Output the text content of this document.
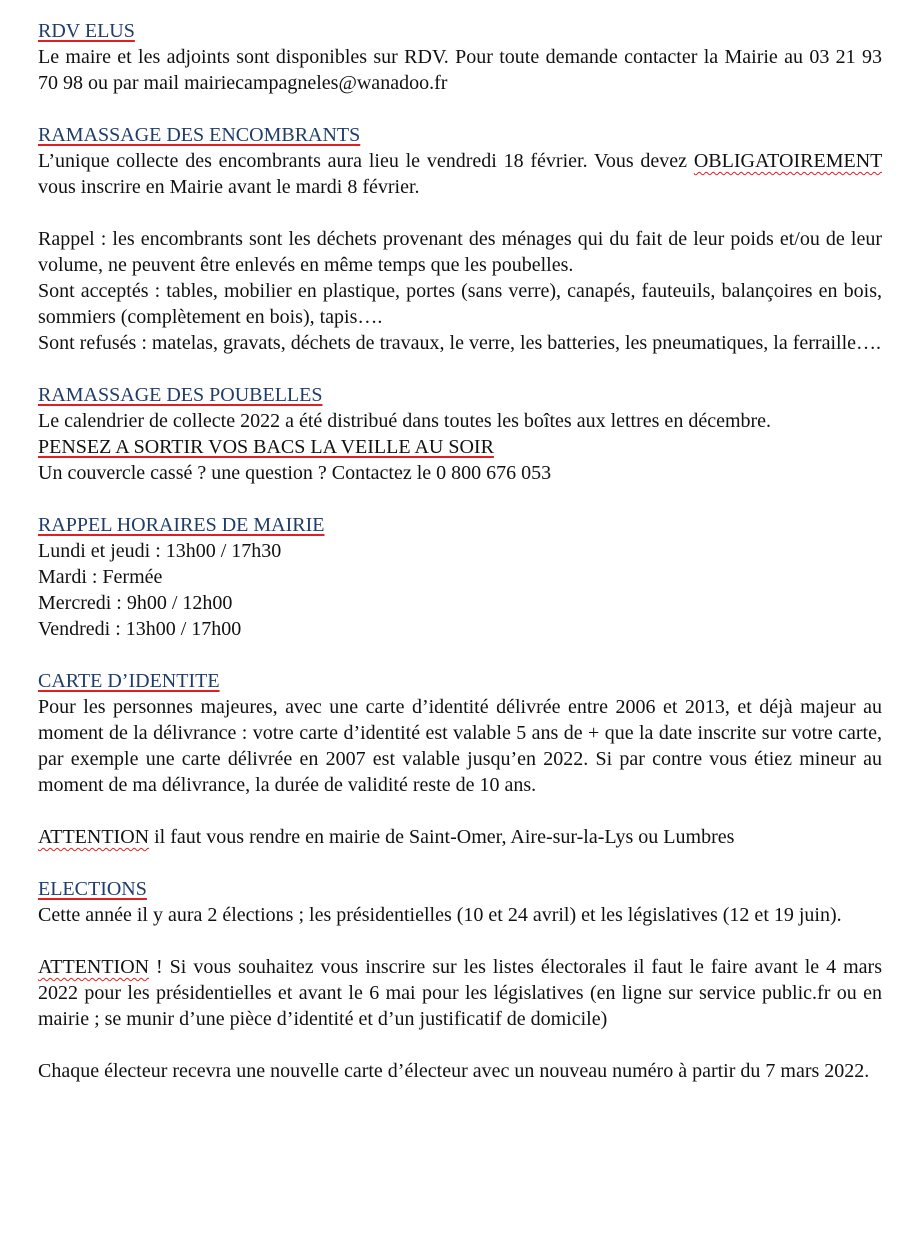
RDV ELUS

Le maire et les adjoints sont disponibles sur RDV. Pour toute demande contacter la Mairie au 03 21 93 70 98 ou par mail mairiecampagneles@wanadoo.fr

RAMASSAGE DES ENCOMBRANTS

L’unique collecte des encombrants aura lieu le vendredi 18 février. Vous devez OBLIGATOIREMENT vous inscrire en Mairie avant le mardi 8 février.

Rappel : les encombrants sont les déchets provenant des ménages qui du fait de leur poids et/ou de leur volume, ne peuvent être enlevés en même temps que les poubelles.

Sont acceptés : tables, mobilier en plastique, portes (sans verre), canapés, fauteuils, balançoires en bois, sommiers (complètement en bois), tapis….

Sont refusés : matelas, gravats, déchets de travaux, le verre, les batteries, les pneumatiques, la ferraille….

RAMASSAGE DES POUBELLES

Le calendrier de collecte 2022 a été distribué dans toutes les boîtes aux lettres en décembre.

PENSEZ A SORTIR VOS BACS LA VEILLE AU SOIR

Un couvercle cassé ? une question ? Contactez le 0 800 676 053

RAPPEL HORAIRES DE MAIRIE
Lundi et jeudi : 13h00 / 17h30
Mardi : Fermée
Mercredi : 9h00 / 12h00
Vendredi : 13h00 / 17h00
CARTE D’IDENTITE

Pour les personnes majeures, avec une carte d’identité délivrée entre 2006 et 2013, et déjà majeur au moment de la délivrance : votre carte d’identité est valable 5 ans de + que la date inscrite sur votre carte, par exemple une carte délivrée en 2007 est valable jusqu’en 2022. Si par contre vous étiez mineur au moment de ma délivrance, la durée de validité reste de 10 ans.

ATTENTION il faut vous rendre en mairie de Saint-Omer, Aire-sur-la-Lys ou Lumbres

ELECTIONS

Cette année il y aura 2 élections ; les présidentielles (10 et 24 avril) et les législatives (12 et 19 juin).

ATTENTION ! Si vous souhaitez vous inscrire sur les listes électorales il faut le faire avant le 4 mars 2022 pour les présidentielles et avant le 6 mai pour les législatives (en ligne sur service public.fr ou en mairie ; se munir d’une pièce d’identité et d’un justificatif de domicile)

Chaque électeur recevra une nouvelle carte d’électeur avec un nouveau numéro à partir du 7 mars 2022.
